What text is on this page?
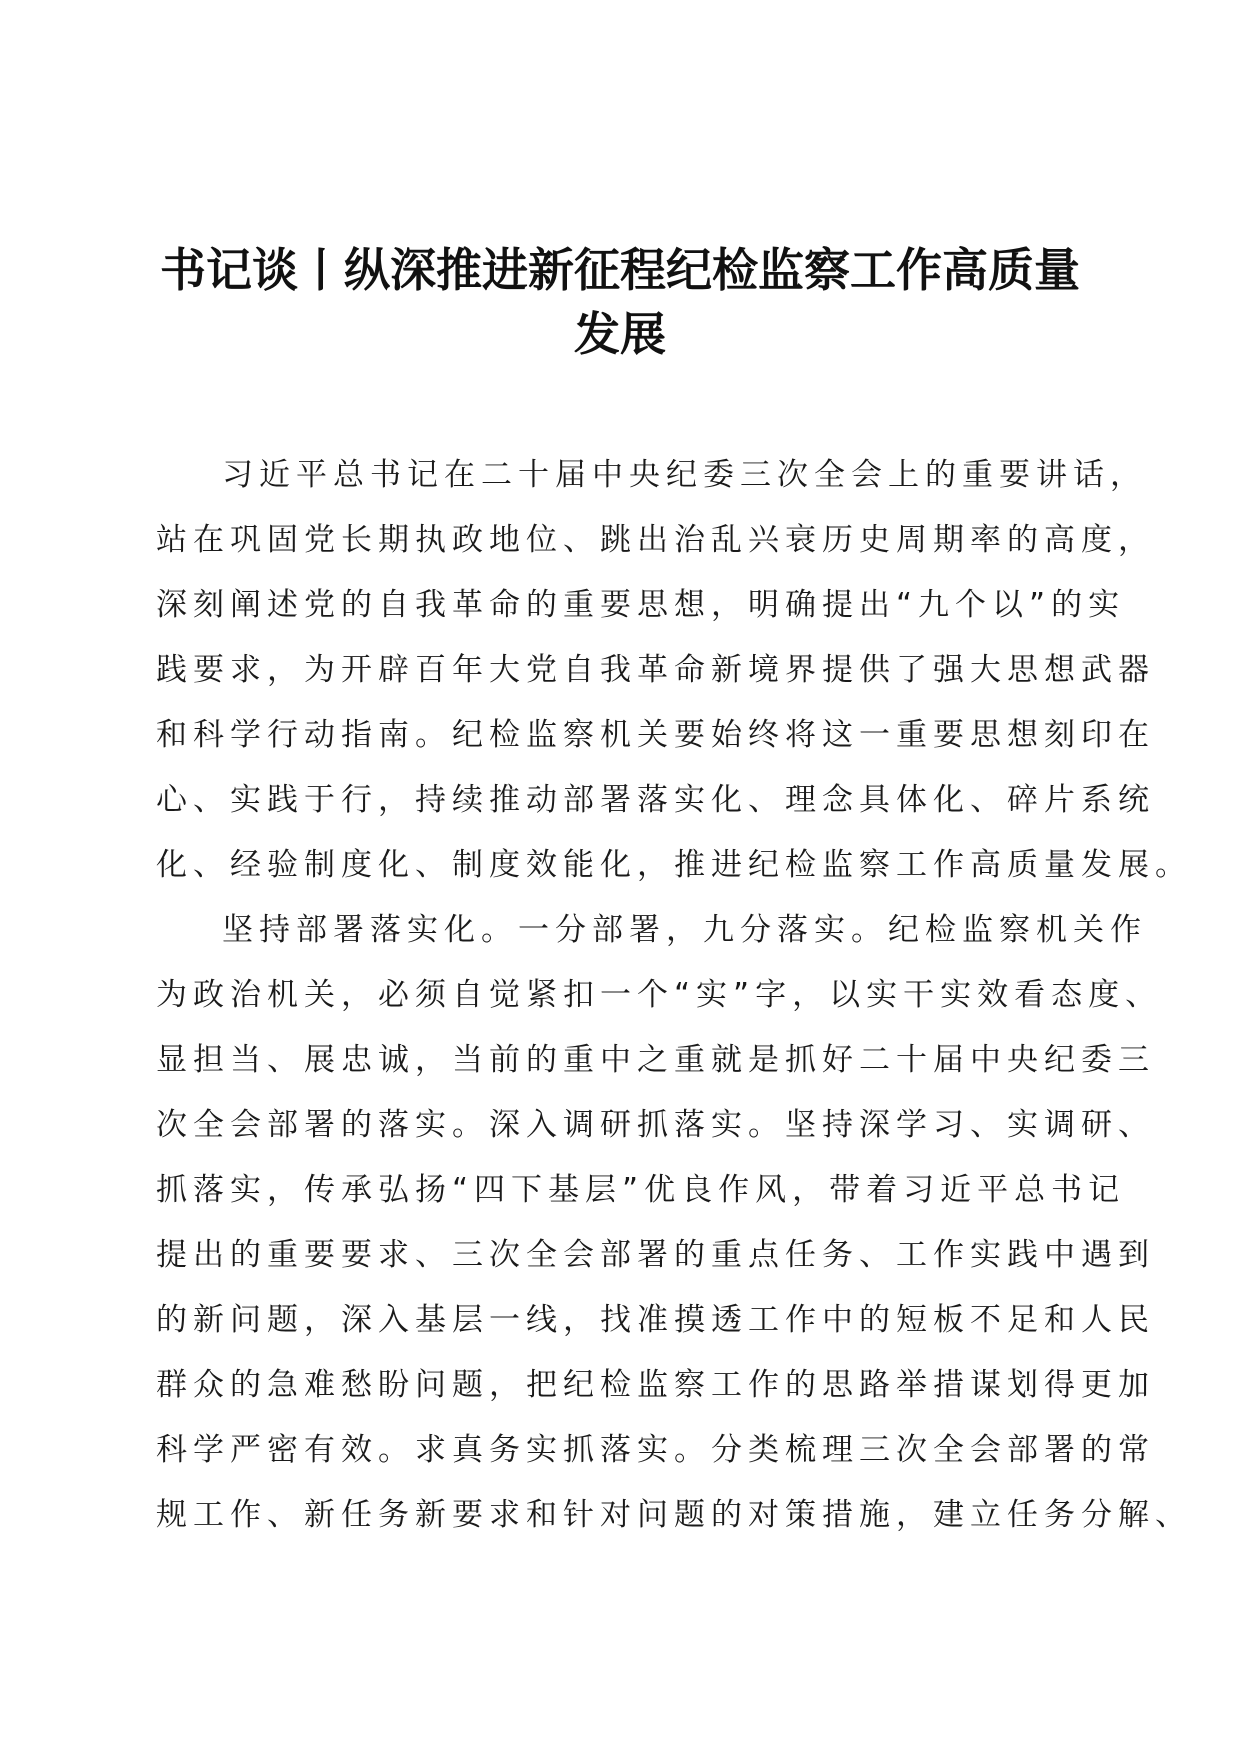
书记谈丨纵深推进新征程纪检监察工作高质量
发展
习近平总书记在二十届中央纪委三次全会上的重要讲话，
站在巩固党长期执政地位、跳出治乱兴衰历史周期率的高度，
深刻阐述党的自我革命的重要思想，明确提出“九个以”的实
践要求，为开辟百年大党自我革命新境界提供了强大思想武器
和科学行动指南。纪检监察机关要始终将这一重要思想刻印在
心、实践于行，持续推动部署落实化、理念具体化、碎片系统
化、经验制度化、制度效能化，推进纪检监察工作高质量发展。
坚持部署落实化。一分部署，九分落实。纪检监察机关作
为政治机关，必须自觉紧扣一个“实”字，以实干实效看态度、
显担当、展忠诚，当前的重中之重就是抓好二十届中央纪委三
次全会部署的落实。深入调研抓落实。坚持深学习、实调研、
抓落实，传承弘扬“四下基层”优良作风，带着习近平总书记
提出的重要要求、三次全会部署的重点任务、工作实践中遇到
的新问题，深入基层一线，找准摸透工作中的短板不足和人民
群众的急难愁盼问题，把纪检监察工作的思路举措谋划得更加
科学严密有效。求真务实抓落实。分类梳理三次全会部署的常
规工作、新任务新要求和针对问题的对策措施，建立任务分解、
